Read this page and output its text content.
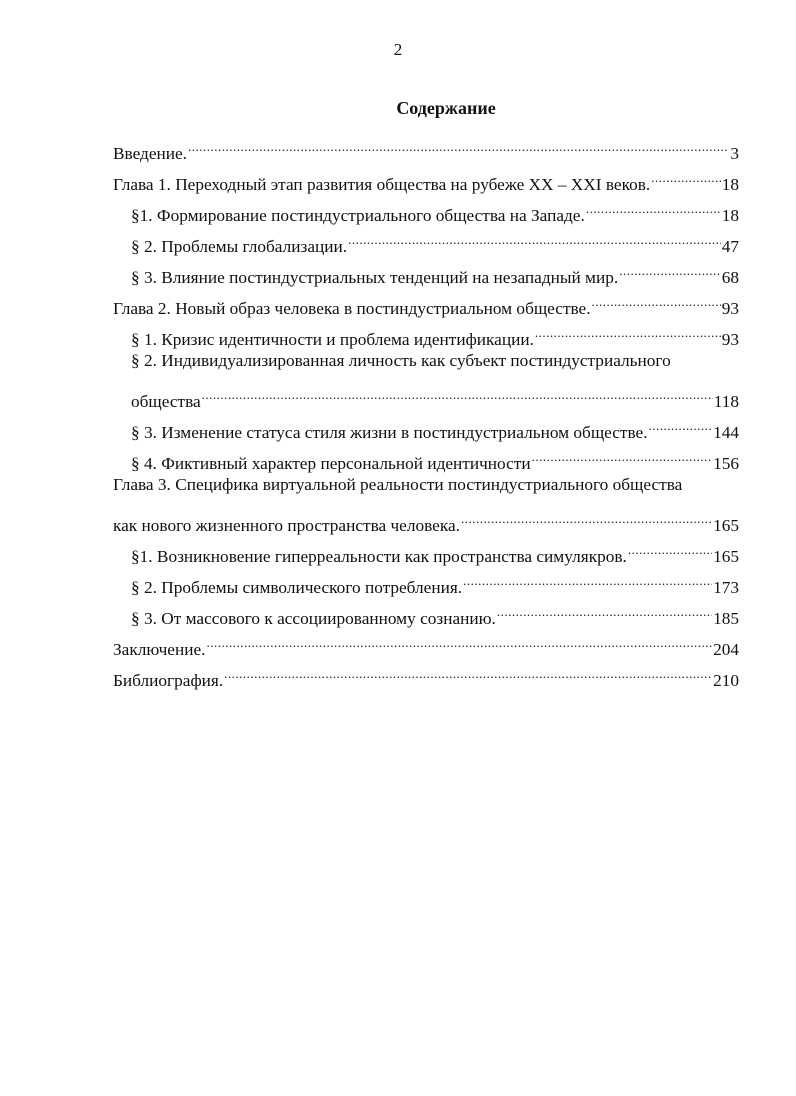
2
Содержание
Введение. .....	3
Глава 1. Переходный этап развития общества на рубеже XX – XXI веков. .....	18
§1. Формирование постиндустриального общества на Западе. .....	18
§ 2. Проблемы глобализации. .....	47
§ 3. Влияние постиндустриальных тенденций на незападный мир. .....	68
Глава 2. Новый образ человека в постиндустриальном обществе. .....	93
§ 1. Кризис идентичности и проблема идентификации. .....	93
§ 2. Индивидуализированная личность как субъект постиндустриального
общества .....	118
§ 3. Изменение статуса стиля жизни в постиндустриальном обществе. .....	144
§ 4. Фиктивный характер персональной идентичности .....	156
Глава 3. Специфика виртуальной реальности постиндустриального общества
как нового жизненного пространства человека. .....	165
§1. Возникновение гиперреальности как пространства симулякров. .....	165
§ 2. Проблемы символического потребления. .....	173
§ 3. От массового к ассоциированному сознанию. .....	185
Заключение. .....	204
Библиография. .....	210
